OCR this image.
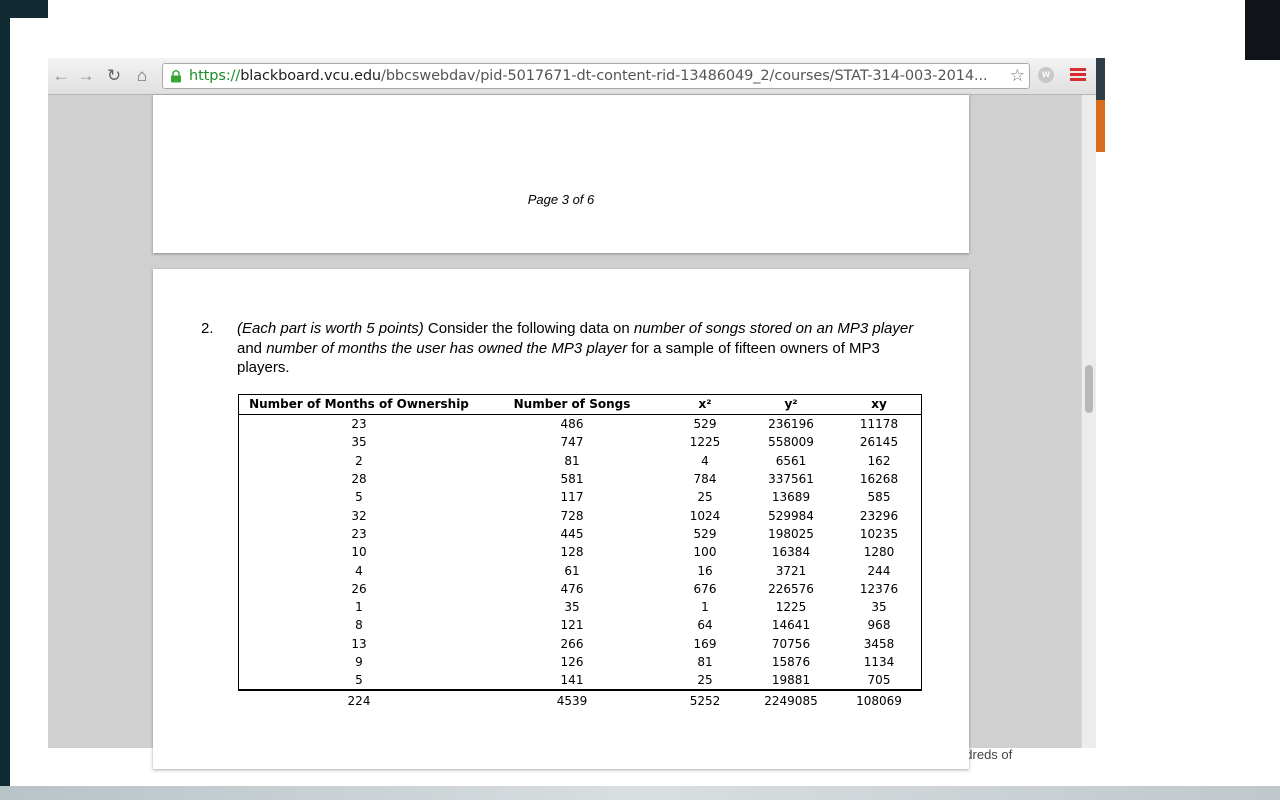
← → ↻ ⌂	https://blackboard.vcu.edu/bbcswebdav/pid-5017671-dt-content-rid-13486049_2/courses/STAT-314-003-2014... ☆	w
Page 3 of 6
2. (Each part is worth 5 points) Consider the following data on number of songs stored on an MP3 player and number of months the user has owned the MP3 player for a sample of fifteen owners of MP3 players.
Number of Months of Ownership	Number of Songs	x²	y²	xy
23	486	529	236196	11178
35	747	1225	558009	26145
2	81	4	6561	162
28	581	784	337561	16268
5	117	25	13689	585
32	728	1024	529984	23296
23	445	529	198025	10235
10	128	100	16384	1280
4	61	16	3721	244
26	476	676	226576	12376
1	35	1	1225	35
8	121	64	14641	968
13	266	169	70756	3458
9	126	81	15876	1134
5	141	25	19881	705
224	4539	5252	2249085	108069
